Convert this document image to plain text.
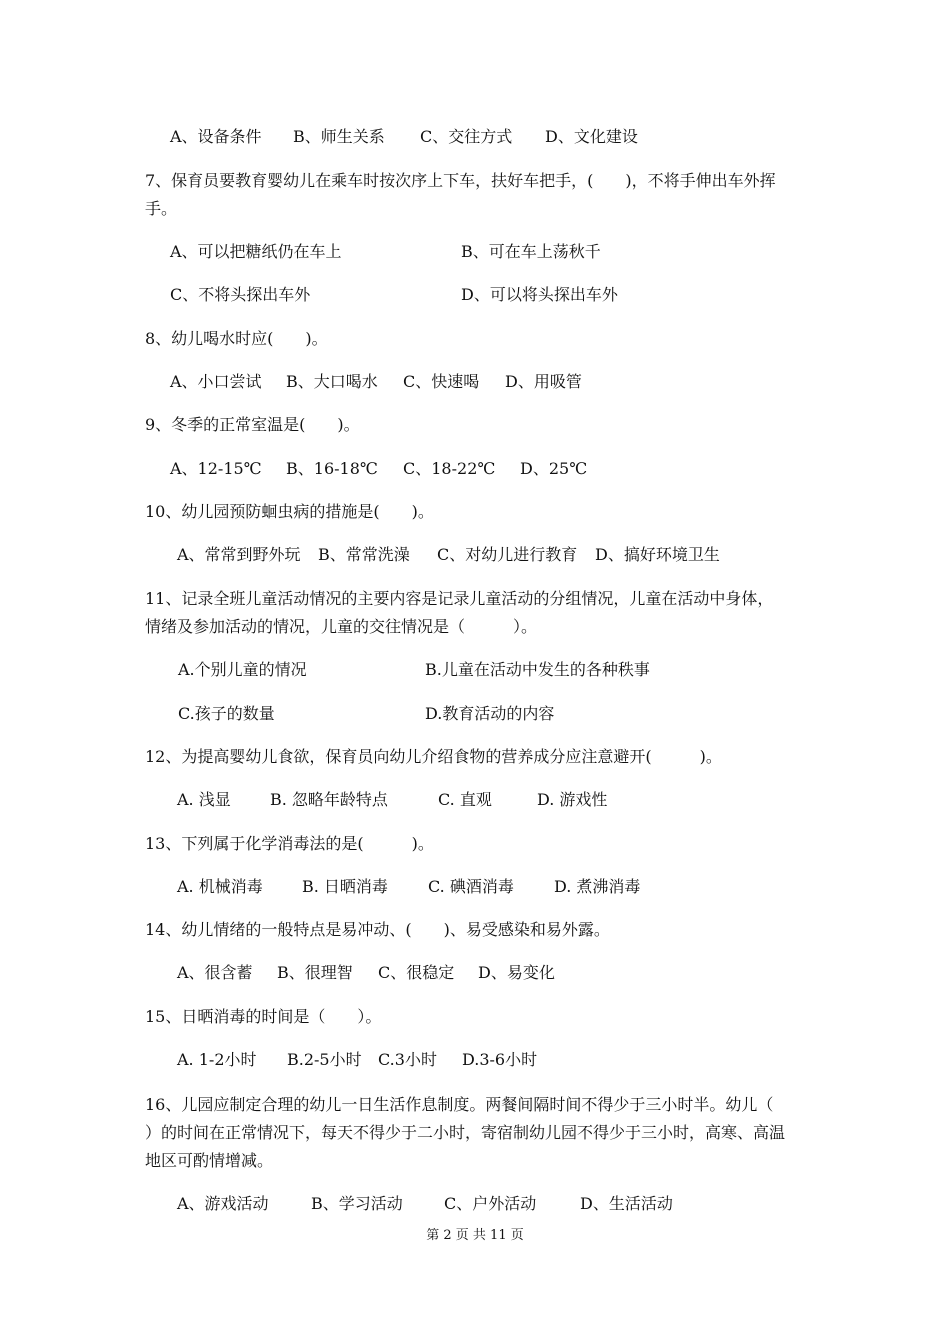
A、设备条件 B、师生关系 C、交往方式 D、文化建设
7、保育员要教育婴幼儿在乘车时按次序上下车，扶好车把手，(　　)，不将手伸出车外挥
手。
A、可以把糖纸仍在车上	B、可在车上荡秋千
C、不将头探出车外	D、可以将头探出车外
8、幼儿喝水时应(　　)。
A、小口尝试 B、大口喝水 C、快速喝 D、用吸管
9、冬季的正常室温是(　　)。
A、12-15℃ B、16-18℃ C、18-22℃ D、25℃
10、幼儿园预防蛔虫病的措施是(　　)。
A、常常到野外玩 B、常常洗澡 C、对幼儿进行教育 D、搞好环境卫生
11、记录全班儿童活动情况的主要内容是记录儿童活动的分组情况，儿童在活动中身体，
情绪及参加活动的情况，儿童的交往情况是（　　　）。
A.个别儿童的情况	B.儿童在活动中发生的各种秩事
C.孩子的数量	D.教育活动的内容
12、为提高婴幼儿食欲，保育员向幼儿介绍食物的营养成分应注意避开(　　　)。
A. 浅显 B. 忽略年龄特点	C. 直观	D. 游戏性
13、下列属于化学消毒法的是(　　　)。
A. 机械消毒 B. 日晒消毒	C. 碘酒消毒	D. 煮沸消毒
14、幼儿情绪的一般特点是易冲动、(　　)、易受感染和易外露。
A、很含蓄 B、很理智 C、很稳定 D、易变化
15、日晒消毒的时间是（　　）。
A. 1-2小时 B.2-5小时 C.3小时 D.3-6小时
16、儿园应制定合理的幼儿一日生活作息制度。两餐间隔时间不得少于三小时半。幼儿（
）的时间在正常情况下，每天不得少于二小时，寄宿制幼儿园不得少于三小时，高寒、高温
地区可酌情增减。
A、游戏活动	B、学习活动	C、户外活动	D、生活活动
第 2 页 共 11 页
